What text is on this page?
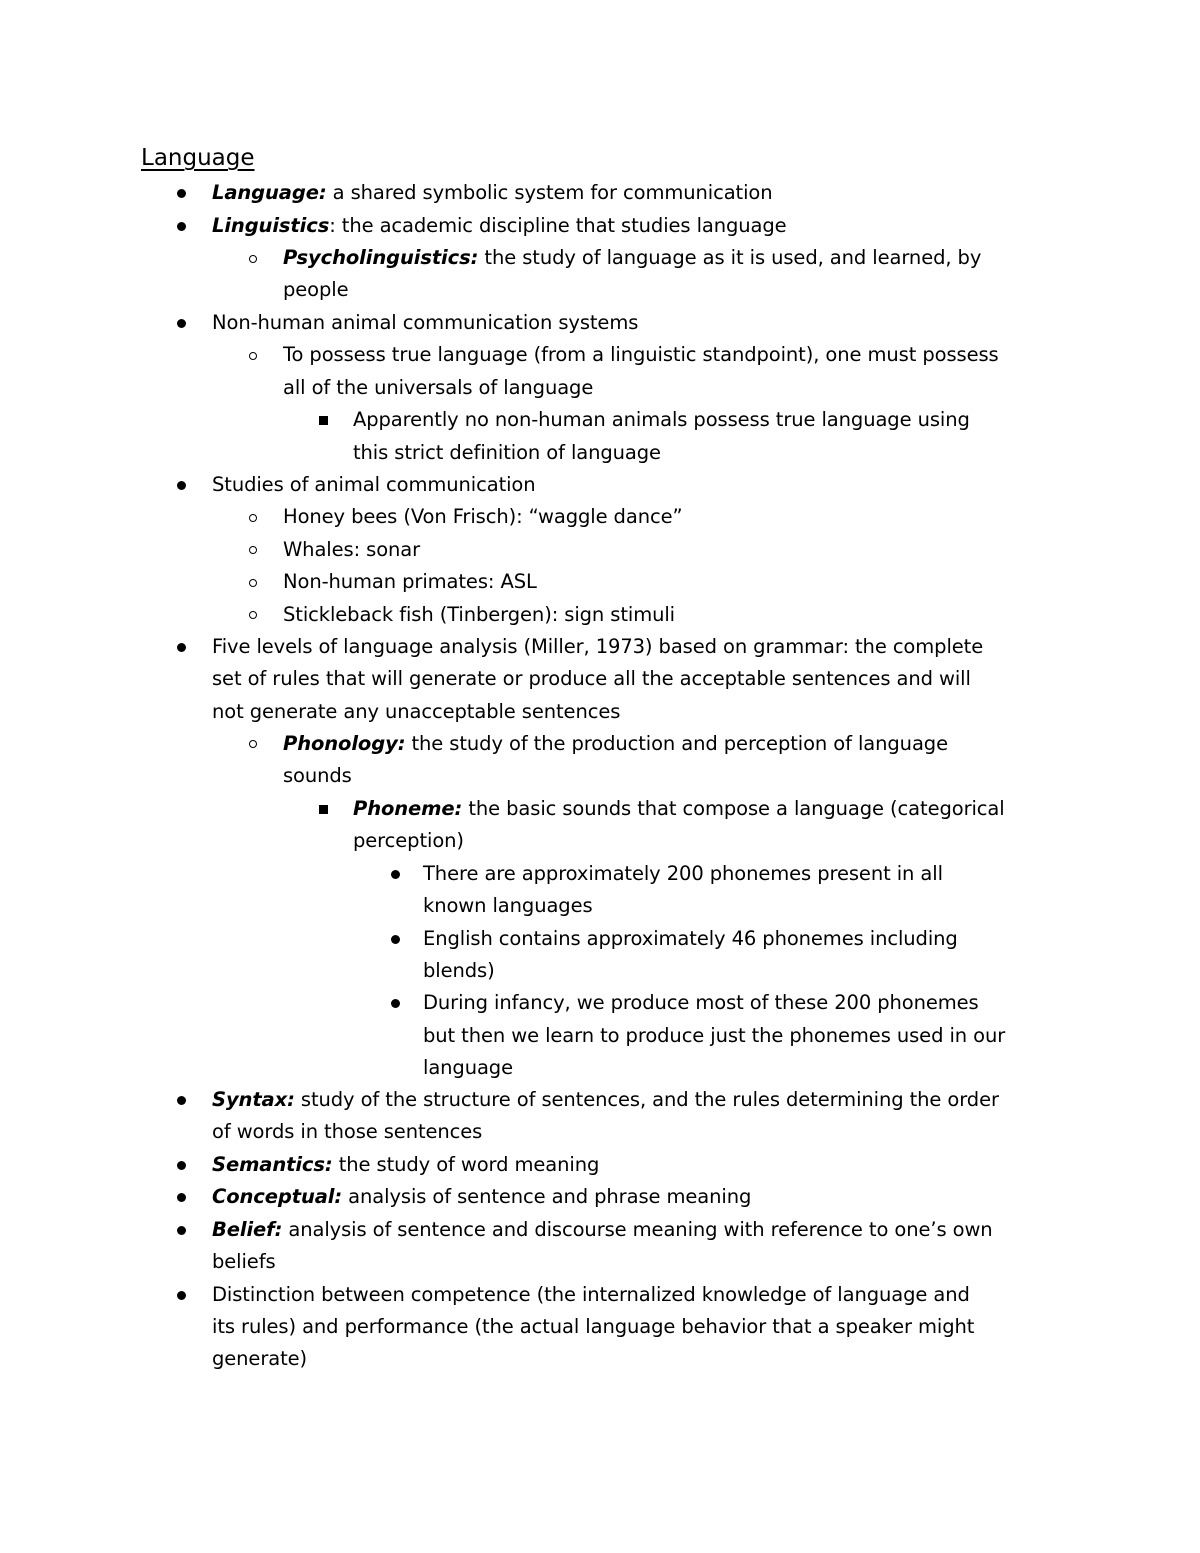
Language
Language: a shared symbolic system for communication
Linguistics: the academic discipline that studies language
Psycholinguistics: the study of language as it is used, and learned, by
people
Non-human animal communication systems
To possess true language (from a linguistic standpoint), one must possess
all of the universals of language
Apparently no non-human animals possess true language using
this strict definition of language
Studies of animal communication
Honey bees (Von Frisch): “waggle dance”
Whales: sonar
Non-human primates: ASL
Stickleback fish (Tinbergen): sign stimuli
Five levels of language analysis (Miller, 1973) based on grammar: the complete
set of rules that will generate or produce all the acceptable sentences and will
not generate any unacceptable sentences
Phonology: the study of the production and perception of language
sounds
Phoneme: the basic sounds that compose a language (categorical
perception)
There are approximately 200 phonemes present in all
known languages
English contains approximately 46 phonemes including
blends)
During infancy, we produce most of these 200 phonemes
but then we learn to produce just the phonemes used in our
language
Syntax: study of the structure of sentences, and the rules determining the order
of words in those sentences
Semantics: the study of word meaning
Conceptual: analysis of sentence and phrase meaning
Belief: analysis of sentence and discourse meaning with reference to one’s own
beliefs
Distinction between competence (the internalized knowledge of language and
its rules) and performance (the actual language behavior that a speaker might
generate)
